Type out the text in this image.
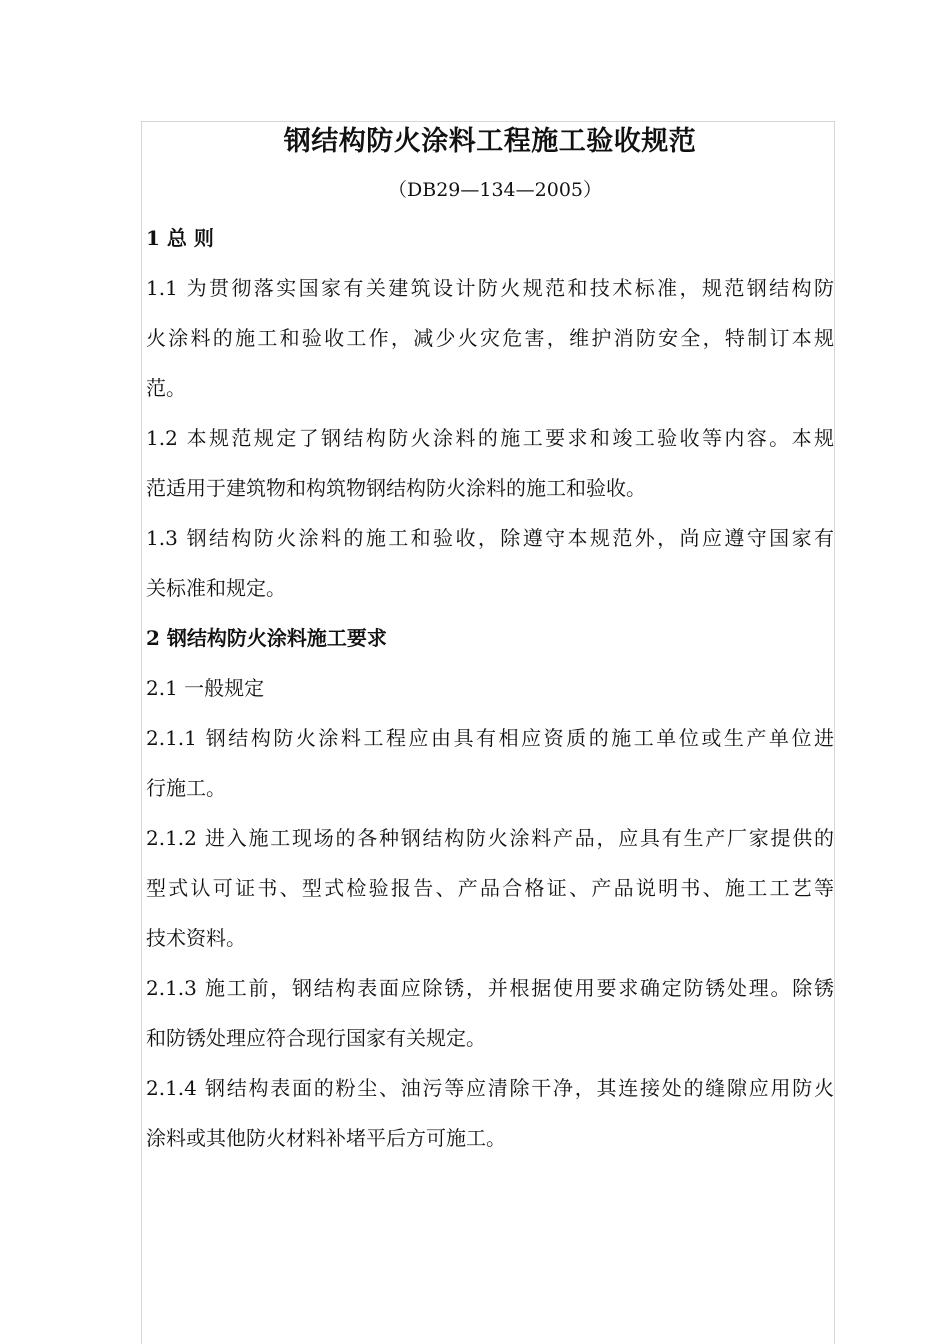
钢结构防火涂料工程施工验收规范
（DB29—134—2005）
1 总 则
1.1 为贯彻落实国家有关建筑设计防火规范和技术标准，规范钢结构防
火涂料的施工和验收工作，减少火灾危害，维护消防安全，特制订本规
范。
1.2 本规范规定了钢结构防火涂料的施工要求和竣工验收等内容。本规
范适用于建筑物和构筑物钢结构防火涂料的施工和验收。
1.3 钢结构防火涂料的施工和验收，除遵守本规范外，尚应遵守国家有
关标准和规定。
2 钢结构防火涂料施工要求
2.1 一般规定
2.1.1 钢结构防火涂料工程应由具有相应资质的施工单位或生产单位进
行施工。
2.1.2 进入施工现场的各种钢结构防火涂料产品，应具有生产厂家提供的
型式认可证书、型式检验报告、产品合格证、产品说明书、施工工艺等
技术资料。
2.1.3 施工前，钢结构表面应除锈，并根据使用要求确定防锈处理。除锈
和防锈处理应符合现行国家有关规定。
2.1.4 钢结构表面的粉尘、油污等应清除干净，其连接处的缝隙应用防火
涂料或其他防火材料补堵平后方可施工。
